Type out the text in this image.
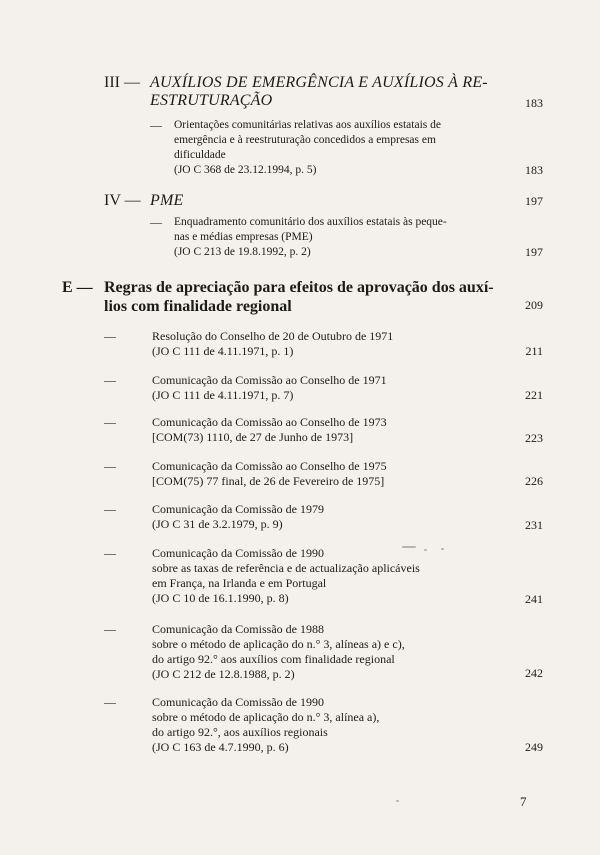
III — AUXÍLIOS DE EMERGÊNCIA E AUXÍLIOS À RE-
ESTRUTURAÇÃO	183
— Orientações comunitárias relativas aos auxílios estatais de
emergência e à reestruturação concedidos a empresas em
dificuldade
(JO C 368 de 23.12.1994, p. 5)	183
IV — PME	197
— Enquadramento comunitário dos auxílios estatais às peque-
nas e médias empresas (PME)
(JO C 213 de 19.8.1992, p. 2)	197
E — Regras de apreciação para efeitos de aprovação dos auxí-
lios com finalidade regional	209
—	Resolução do Conselho de 20 de Outubro de 1971
(JO C 111 de 4.11.1971, p. 1)	211
—	Comunicação da Comissão ao Conselho de 1971
(JO C 111 de 4.11.1971, p. 7)	221
—	Comunicação da Comissão ao Conselho de 1973
[COM(73) 1110, de 27 de Junho de 1973]	223
—	Comunicação da Comissão ao Conselho de 1975
[COM(75) 77 final, de 26 de Fevereiro de 1975]	226
—	Comunicação da Comissão de 1979
(JO C 31 de 3.2.1979, p. 9)	231
—	Comunicação da Comissão de 1990
sobre as taxas de referência e de actualização aplicáveis
em França, na Irlanda e em Portugal
(JO C 10 de 16.1.1990, p. 8)	241
—	Comunicação da Comissão de 1988
sobre o método de aplicação do n.° 3, alíneas a) e c),
do artigo 92.° aos auxílios com finalidade regional
(JO C 212 de 12.8.1988, p. 2)	242
—	Comunicação da Comissão de 1990
sobre o método de aplicação do n.° 3, alínea a),
do artigo 92.°, aos auxílios regionais
(JO C 163 de 4.7.1990, p. 6)	249
7
